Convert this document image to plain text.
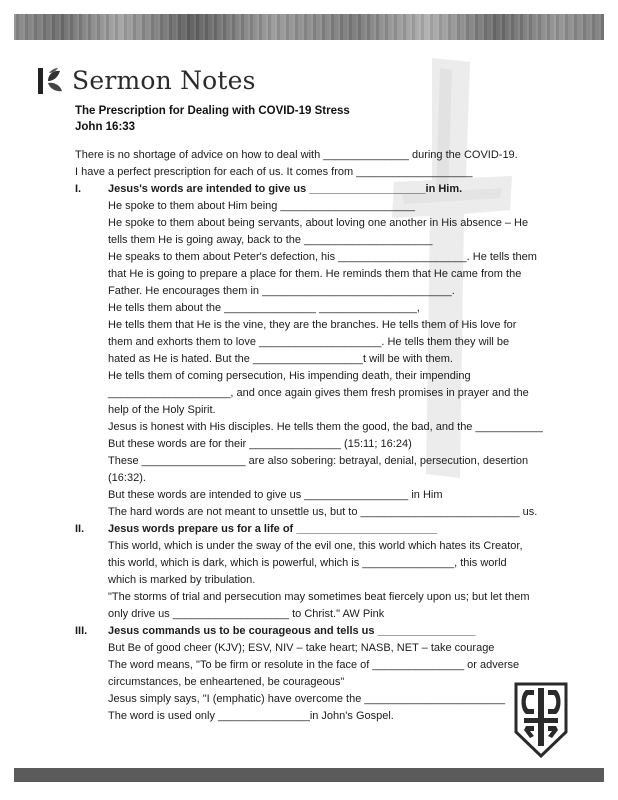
Sermon Notes
The Prescription for Dealing with COVID-19 Stress
John 16:33
There is no shortage of advice on how to deal with ______________ during the COVID-19.
I have a perfect prescription for each of us. It comes from ___________________
I. Jesus's words are intended to give us ___________________in Him.
He spoke to them about Him being ______________________
He spoke to them about being servants, about loving one another in His absence – He
tells them He is going away, back to the _____________________
He speaks to them about Peter's defection, his _____________________. He tells them
that He is going to prepare a place for them. He reminds them that He came from the
Father. He encourages them in _______________________________.
He tells them about the _______________ ________________,
He tells them that He is the vine, they are the branches. He tells them of His love for
them and exhorts them to love ____________________. He tells them they will be
hated as He is hated. But the __________________t will be with them.
He tells them of coming persecution, His impending death, their impending
____________________, and once again gives them fresh promises in prayer and the
help of the Holy Spirit.
Jesus is honest with His disciples. He tells them the good, the bad, and the ___________
But these words are for their _______________ (15:11; 16:24)
These _________________ are also sobering: betrayal, denial, persecution, desertion
(16:32).
But these words are intended to give us _________________ in Him
The hard words are not meant to unsettle us, but to __________________________ us.
II. Jesus words prepare us for a life of _______________________
This world, which is under the sway of the evil one, this world which hates its Creator,
this world, which is dark, which is powerful, which is _______________, this world
which is marked by tribulation.
"The storms of trial and persecution may sometimes beat fiercely upon us; but let them
only drive us ___________________ to Christ." AW Pink
III. Jesus commands us to be courageous and tells us ________________
But Be of good cheer (KJV); ESV, NIV – take heart; NASB, NET – take courage
The word means, "To be firm or resolute in the face of _______________ or adverse
circumstances, be enheartened, be courageous"
Jesus simply says, "I (emphatic) have overcome the _______________________
The word is used only _______________in John's Gospel.
